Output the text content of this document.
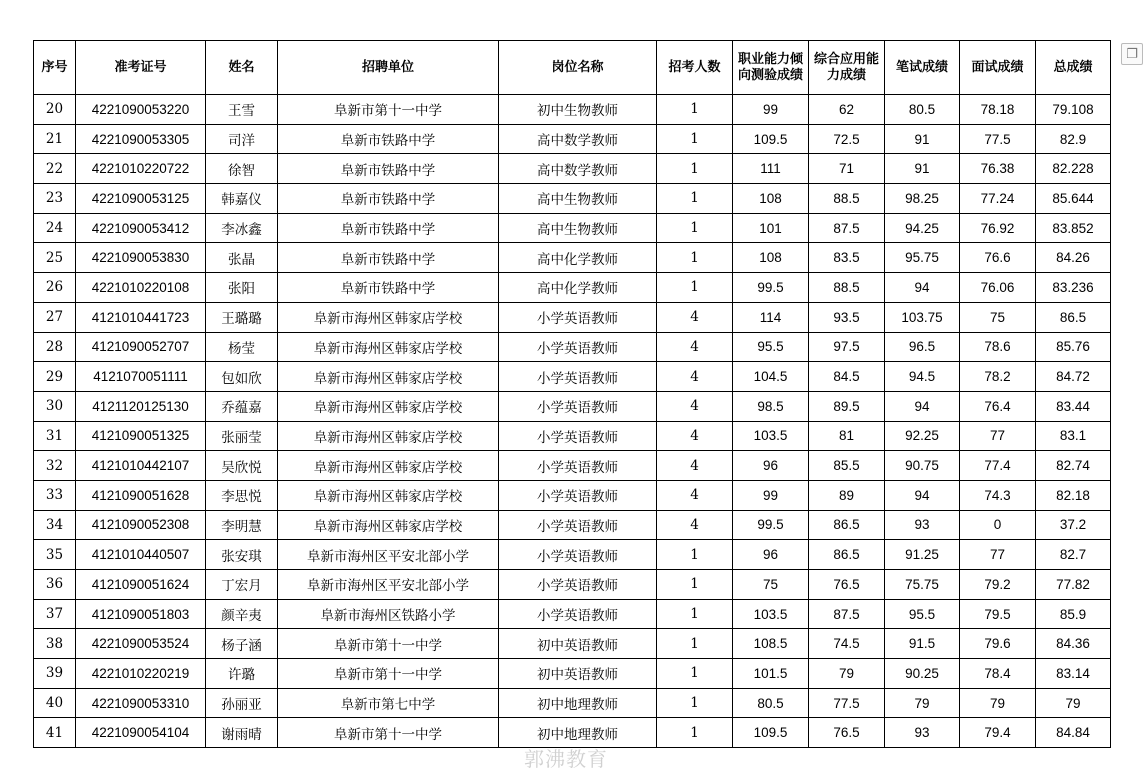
序号	准考证号	姓名	招聘单位	岗位名称	招考人数	职业能力倾向测验成绩	综合应用能力成绩	笔试成绩	面试成绩	总成绩
20	4221090053220	王雪	阜新市第十一中学	初中生物教师	1	99	62	80.5	78.18	79.108
21	4221090053305	司洋	阜新市铁路中学	高中数学教师	1	109.5	72.5	91	77.5	82.9
22	4221010220722	徐智	阜新市铁路中学	高中数学教师	1	111	71	91	76.38	82.228
23	4221090053125	韩嘉仪	阜新市铁路中学	高中生物教师	1	108	88.5	98.25	77.24	85.644
24	4221090053412	李冰鑫	阜新市铁路中学	高中生物教师	1	101	87.5	94.25	76.92	83.852
25	4221090053830	张晶	阜新市铁路中学	高中化学教师	1	108	83.5	95.75	76.6	84.26
26	4221010220108	张阳	阜新市铁路中学	高中化学教师	1	99.5	88.5	94	76.06	83.236
27	4121010441723	王璐璐	阜新市海州区韩家店学校	小学英语教师	4	114	93.5	103.75	75	86.5
28	4121090052707	杨莹	阜新市海州区韩家店学校	小学英语教师	4	95.5	97.5	96.5	78.6	85.76
29	4121070051111	包如欣	阜新市海州区韩家店学校	小学英语教师	4	104.5	84.5	94.5	78.2	84.72
30	4121120125130	乔蕴嘉	阜新市海州区韩家店学校	小学英语教师	4	98.5	89.5	94	76.4	83.44
31	4121090051325	张丽莹	阜新市海州区韩家店学校	小学英语教师	4	103.5	81	92.25	77	83.1
32	4121010442107	吴欣悦	阜新市海州区韩家店学校	小学英语教师	4	96	85.5	90.75	77.4	82.74
33	4121090051628	李思悦	阜新市海州区韩家店学校	小学英语教师	4	99	89	94	74.3	82.18
34	4121090052308	李明慧	阜新市海州区韩家店学校	小学英语教师	4	99.5	86.5	93	0	37.2
35	4121010440507	张安琪	阜新市海州区平安北部小学	小学英语教师	1	96	86.5	91.25	77	82.7
36	4121090051624	丁宏月	阜新市海州区平安北部小学	小学英语教师	1	75	76.5	75.75	79.2	77.82
37	4121090051803	颜辛夷	阜新市海州区铁路小学	小学英语教师	1	103.5	87.5	95.5	79.5	85.9
38	4221090053524	杨子涵	阜新市第十一中学	初中英语教师	1	108.5	74.5	91.5	79.6	84.36
39	4221010220219	许璐	阜新市第十一中学	初中英语教师	1	101.5	79	90.25	78.4	83.14
40	4221090053310	孙丽亚	阜新市第七中学	初中地理教师	1	80.5	77.5	79	79	79
41	4221090054104	谢雨晴	阜新市第十一中学	初中地理教师	1	109.5	76.5	93	79.4	84.84
❐
郭沸教育
